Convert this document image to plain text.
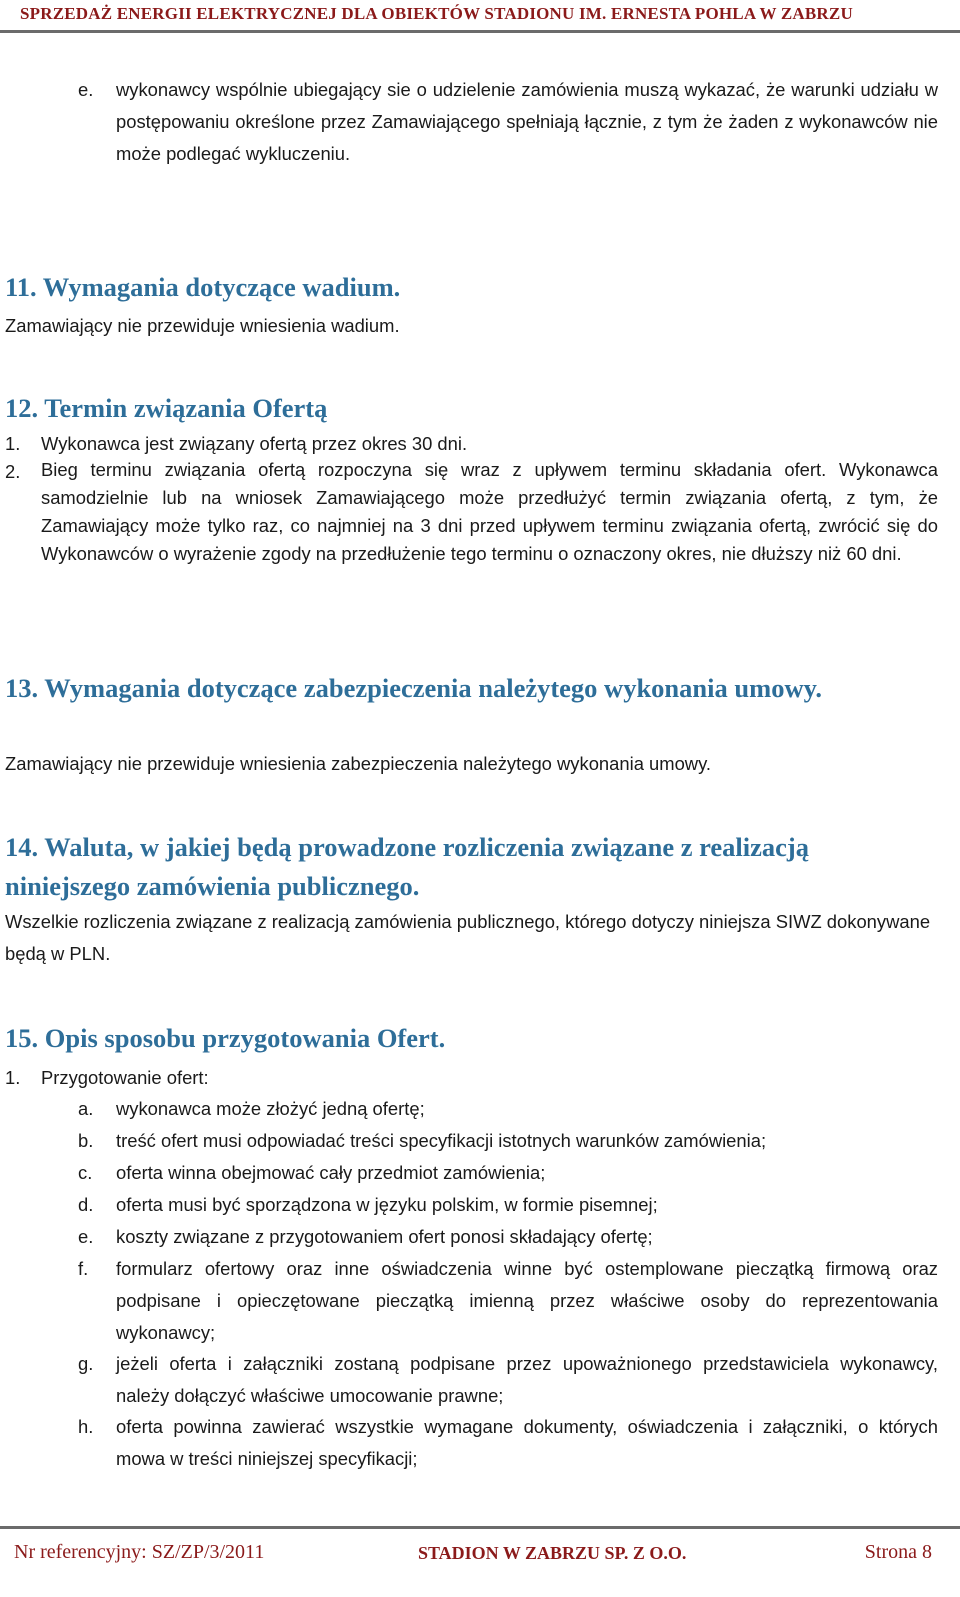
SPRZEDAŻ ENERGII ELEKTRYCZNEJ DLA OBIEKTÓW STADIONU IM. ERNESTA POHLA W ZABRZU
e. wykonawcy wspólnie ubiegający sie o udzielenie zamówienia muszą wykazać, że warunki udziału w postępowaniu określone przez Zamawiającego spełniają łącznie, z tym że żaden z wykonawców nie może podlegać wykluczeniu.
11. Wymagania dotyczące wadium.
Zamawiający nie przewiduje wniesienia wadium.
12. Termin związania Ofertą
1. Wykonawca jest związany ofertą przez okres 30 dni.
2. Bieg terminu związania ofertą rozpoczyna się wraz z upływem terminu składania ofert. Wykonawca samodzielnie lub na wniosek Zamawiającego może przedłużyć termin związania ofertą, z tym, że Zamawiający może tylko raz, co najmniej na 3 dni przed upływem terminu związania ofertą, zwrócić się do Wykonawców o wyrażenie zgody na przedłużenie tego terminu o oznaczony okres, nie dłuższy niż 60 dni.
13. Wymagania dotyczące zabezpieczenia należytego wykonania umowy.
Zamawiający nie przewiduje wniesienia zabezpieczenia należytego wykonania umowy.
14. Waluta, w jakiej będą prowadzone rozliczenia związane z realizacją niniejszego zamówienia publicznego.
Wszelkie rozliczenia związane z realizacją zamówienia publicznego, którego dotyczy niniejsza SIWZ dokonywane będą w PLN.
15. Opis sposobu przygotowania Ofert.
1. Przygotowanie ofert:
a. wykonawca może złożyć jedną ofertę;
b. treść ofert musi odpowiadać treści specyfikacji istotnych warunków zamówienia;
c. oferta winna obejmować cały przedmiot zamówienia;
d. oferta musi być sporządzona w języku polskim, w formie pisemnej;
e. koszty związane z przygotowaniem ofert ponosi składający ofertę;
f. formularz ofertowy oraz inne oświadczenia winne być ostemplowane pieczątką firmową oraz podpisane i opieczętowane pieczątką imienną przez właściwe osoby do reprezentowania wykonawcy;
g. jeżeli oferta i załączniki zostaną podpisane przez upoważnionego przedstawiciela wykonawcy, należy dołączyć właściwe umocowanie prawne;
h. oferta powinna zawierać wszystkie wymagane dokumenty, oświadczenia i załączniki, o których mowa w treści niniejszej specyfikacji;
Nr referencyjny: SZ/ZP/3/2011	STADION W ZABRZU SP. Z O.O.	Strona 8
